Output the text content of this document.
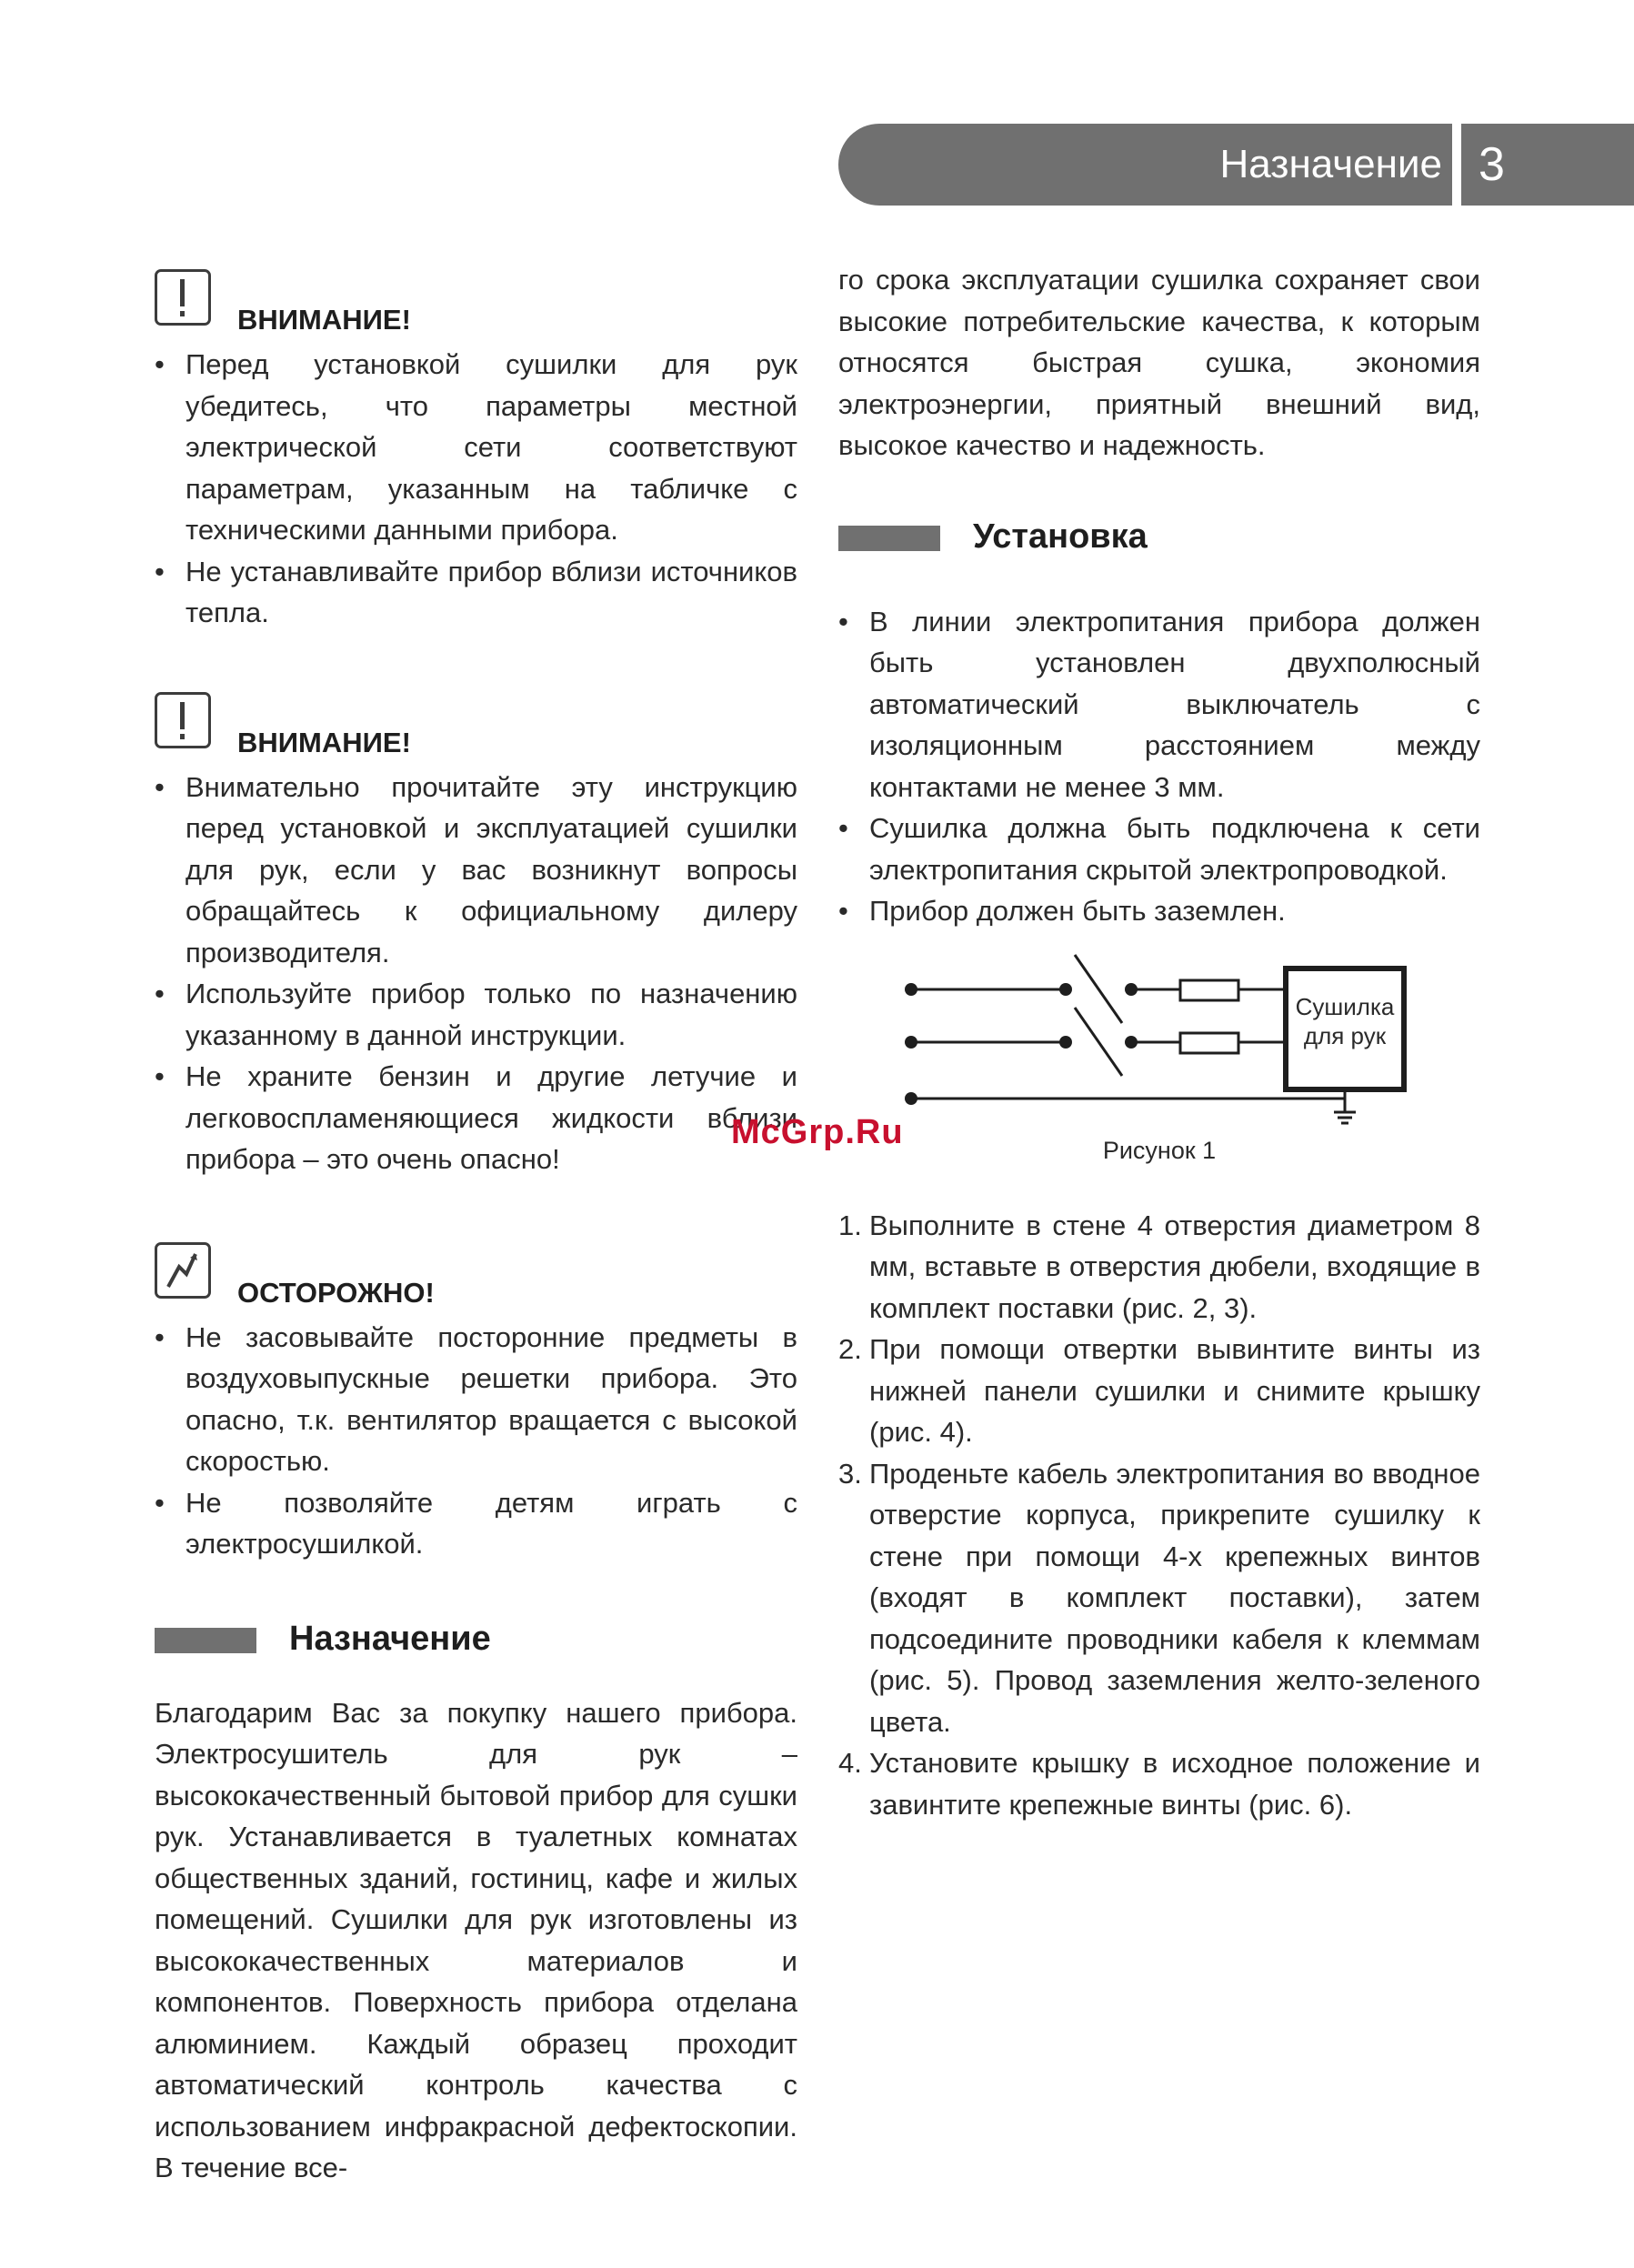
Назначение 3
ВНИМАНИЕ!
• Перед установкой сушилки для рук убедитесь, что параметры местной электрической сети соответствуют параметрам, указанным на табличке с техническими данными прибора.
• Не устанавливайте прибор вблизи источников тепла.
ВНИМАНИЕ!
• Внимательно прочитайте эту инструкцию перед установкой и эксплуатацией сушилки для рук, если у вас возникнут вопросы обращайтесь к официальному дилеру производителя.
• Используйте прибор только по назначению указанному в данной инструкции.
• Не храните бензин и другие летучие и легковоспламеняющиеся жидкости вблизи прибора – это очень опасно!
ОСТОРОЖНО!
• Не засовывайте посторонние предметы в воздуховыпускные решетки прибора. Это опасно, т.к. вентилятор вращается с высокой скоростью.
• Не позволяйте детям играть с электросушилкой.
Назначение

Благодарим Вас за покупку нашего прибора. Электросушитель для рук – высококачественный бытовой прибор для сушки рук. Устанавливается в туалетных комнатах общественных зданий, гостиниц, кафе и жилых помещений. Сушилки для рук изготовлены из высококачественных материалов и компонентов. Поверхность прибора отделана алюминием. Каждый образец проходит автоматический контроль качества с использованием инфракрасной дефектоскопии. В течение все-

го срока эксплуатации сушилка сохраняет свои высокие потребительские качества, к которым относятся быстрая сушка, экономия электроэнергии, приятный внешний вид, высокое качество и надежность.

Установка
• В линии электропитания прибора должен быть установлен двухполюсный автоматический выключатель с изоляционным расстоянием между контактами не менее 3 мм.
• Сушилка должна быть подключена к сети электропитания скрытой электропроводкой.
• Прибор должен быть заземлен.
Сушилка
для рук
Рисунок 1
1. Выполните в стене 4 отверстия диаметром 8 мм, вставьте в отверстия дюбели, входящие в комплект поставки (рис. 2, 3).
2. При помощи отвертки вывинтите винты из нижней панели сушилки и снимите крышку (рис. 4).
3. Проденьте кабель электропитания во вводное отверстие корпуса, прикрепите сушилку к стене при помощи 4-х крепежных винтов (входят в комплект поставки), затем подсоедините проводники кабеля к клеммам (рис. 5). Провод заземления желто-зеленого цвета.
4. Установите крышку в исходное положение и завинтите крепежные винты (рис. 6).
McGrp.Ru
